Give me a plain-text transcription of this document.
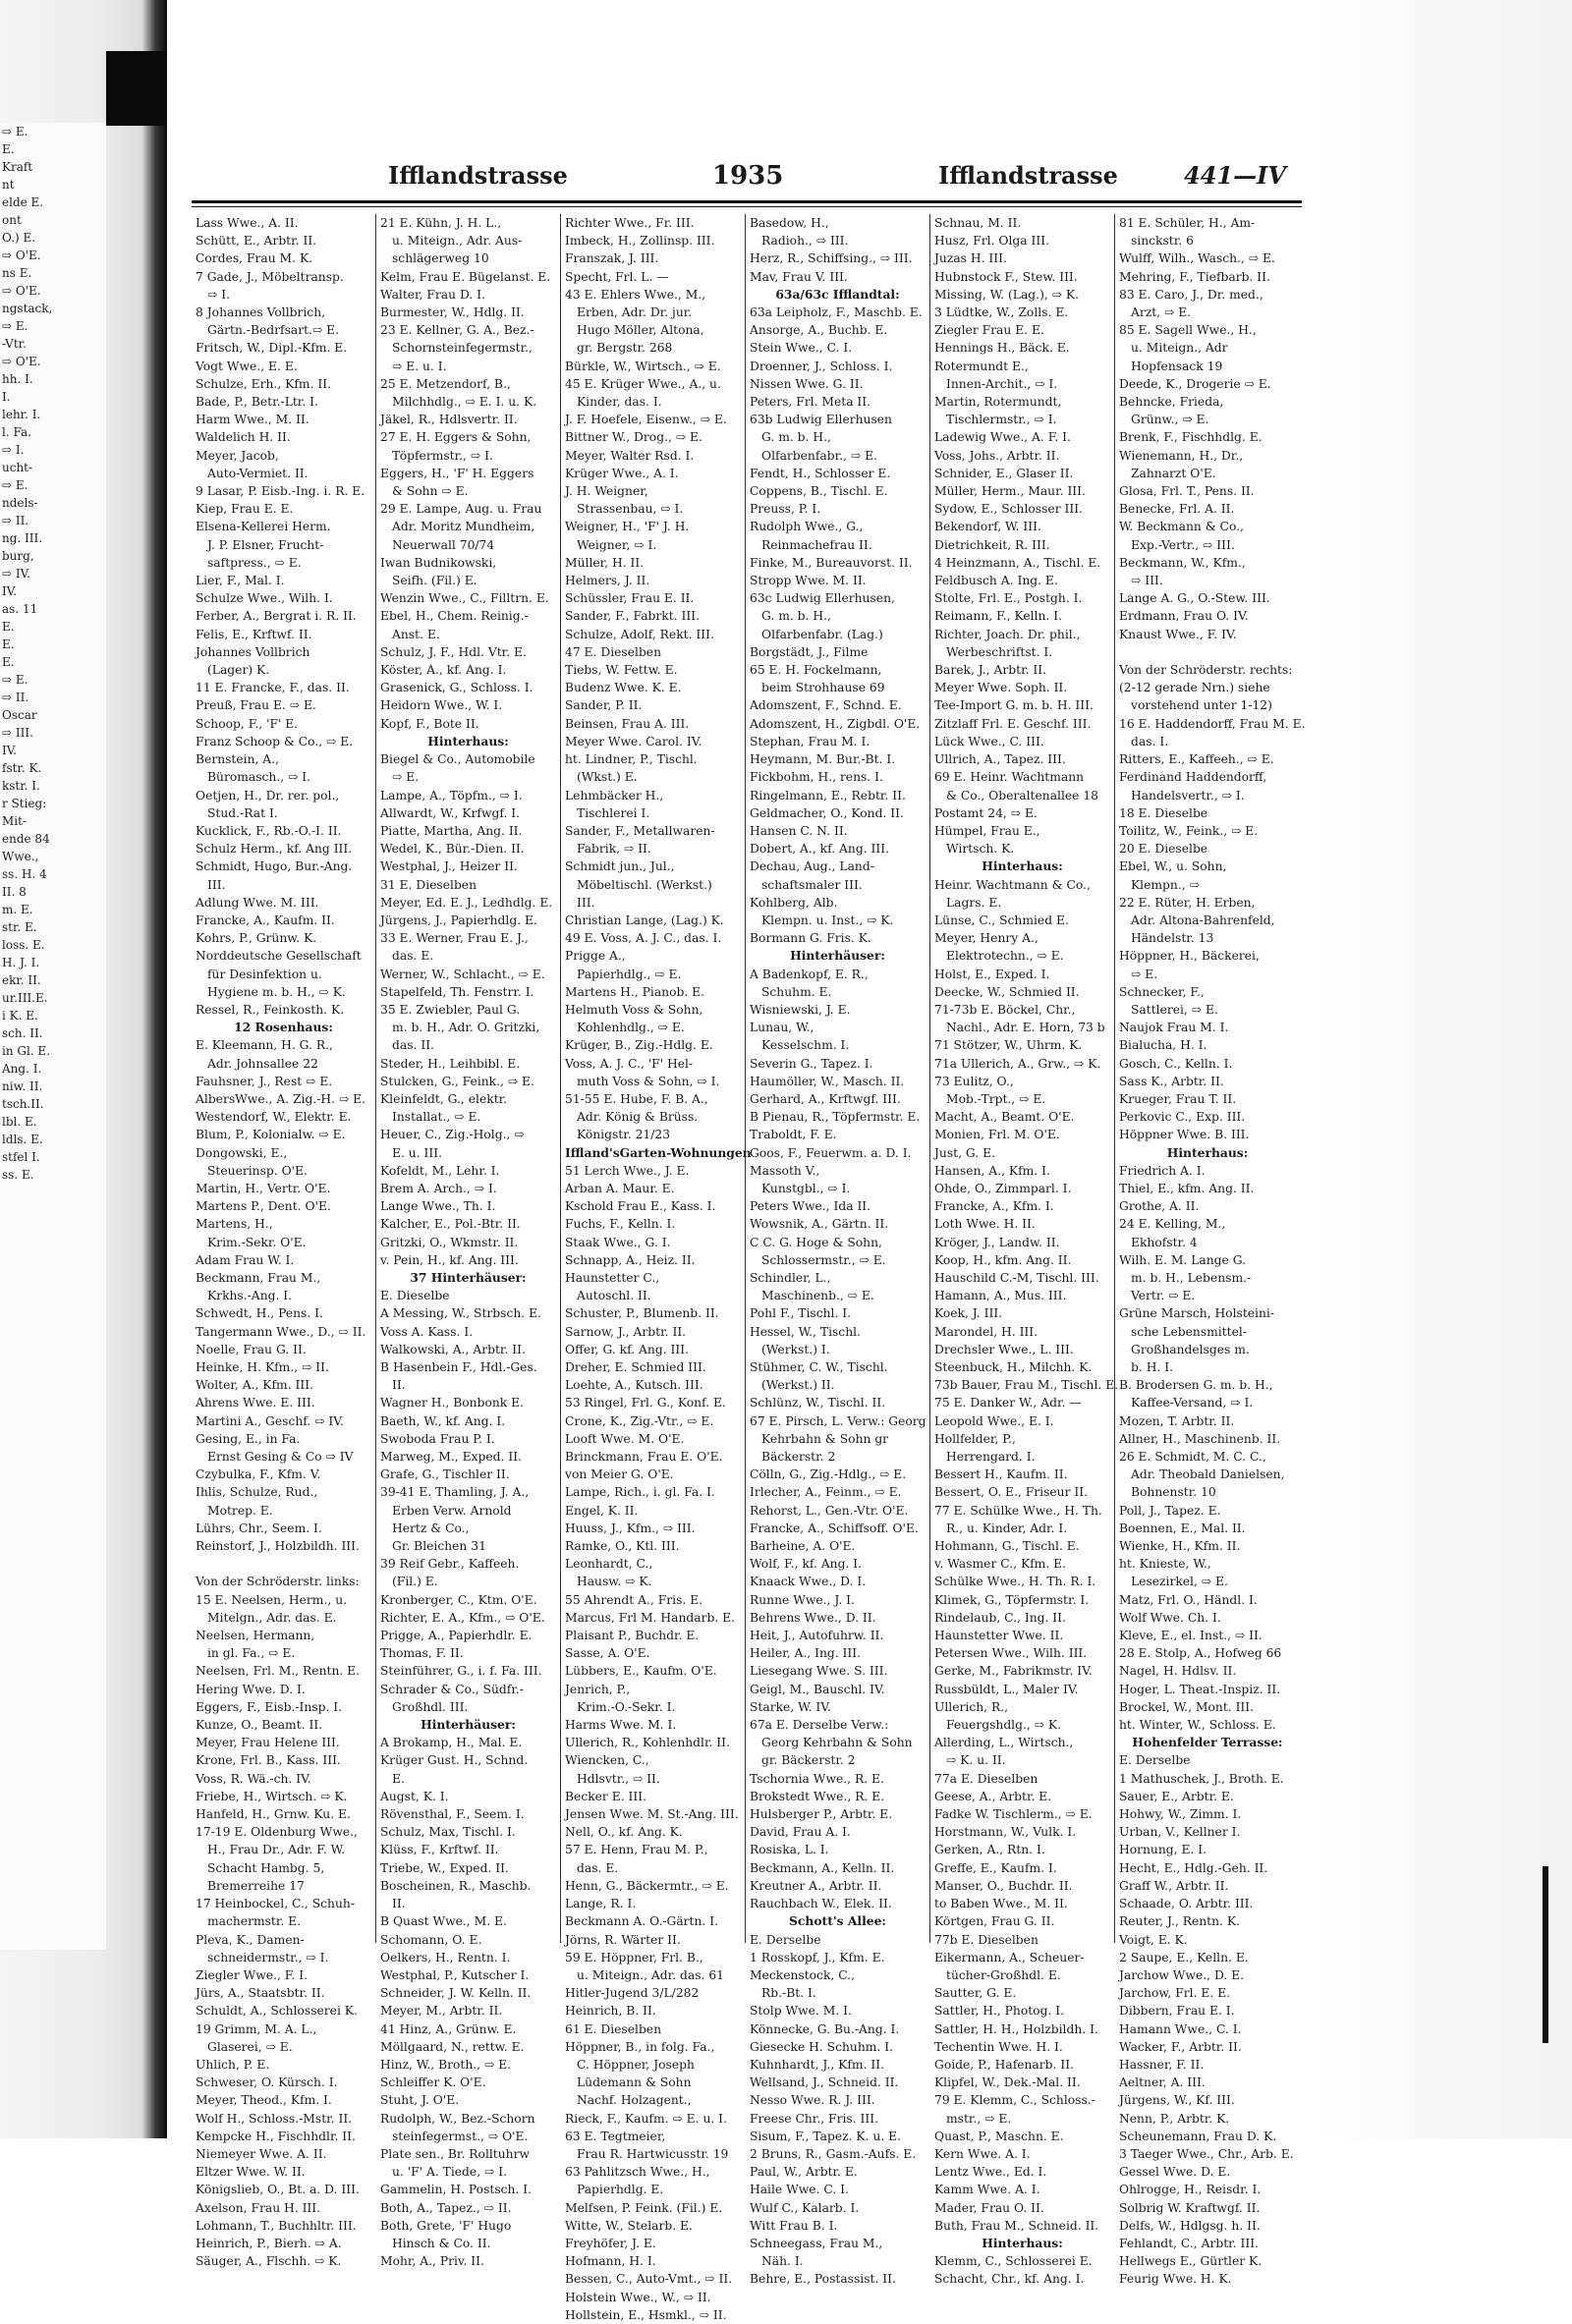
⇨ E.
E.
Kraft
nt
elde E.
ont
O.) E.
⇨ O'E.
ns E.
⇨ O'E.
ngstack,
⇨ E.
-Vtr.
⇨ O'E.
hh. I.
I.
lehr. I.
l. Fa.
⇨ I.
ucht-
⇨ E.
ndels-
⇨ II.
ng. III.
burg,
⇨ IV.
IV.
as. 11
E.
E.
E.
⇨ E.
⇨ II.
Oscar
⇨ III.
IV.
fstr. K.
kstr. I.
r Stieg:
Mit-
ende 84
Wwe.,
ss. H. 4
II. 8
m. E.
str. E.
loss. E.
H. J. I.
ekr. II.
ur.III.E.
i K. E.
sch. II.
in Gl. E.
Ang. I.
niw. II.
tsch.II.
lbl. E.
ldls. E.
stfel I.
ss. E.
Ifflandstrasse	1935	Ifflandstrasse	441—IV
Lass Wwe., A. II.
Schütt, E., Arbtr. II.
Cordes, Frau M. K.
7 Gade, J., Möbeltransp.
⇨ I.
8 Johannes Vollbrich,
Gärtn.-Bedrfsart.⇨ E.
Fritsch, W., Dipl.-Kfm. E.
Vogt Wwe., E. E.
Schulze, Erh., Kfm. II.
Bade, P., Betr.-Ltr. I.
Harm Wwe., M. II.
Waldelich H. II.
Meyer, Jacob,
Auto-Vermiet. II.
9 Lasar, P. Eisb.-Ing. i. R. E.
Kiep, Frau E. E.
Elsena-Kellerei Herm.
J. P. Elsner, Frucht-
saftpress., ⇨ E.
Lier, F., Mal. I.
Schulze Wwe., Wilh. I.
Ferber, A., Bergrat i. R. II.
Felis, E., Krftwf. II.
Johannes Vollbrich
(Lager) K.
11 E. Francke, F., das. II.
Preuß, Frau E. ⇨ E.
Schoop, F., 'F' E.
Franz Schoop & Co., ⇨ E.
Bernstein, A.,
Büromasch., ⇨ I.
Oetjen, H., Dr. rer. pol.,
Stud.-Rat I.
Kucklick, F., Rb.-O.-I. II.
Schulz Herm., kf. Ang III.
Schmidt, Hugo, Bur.-Ang.
III.
Adlung Wwe. M. III.
Francke, A., Kaufm. II.
Kohrs, P., Grünw. K.
Norddeutsche Gesellschaft
für Desinfektion u.
Hygiene m. b. H., ⇨ K.
Ressel, R., Feinkosth. K.
12 Rosenhaus:
E. Kleemann, H. G. R.,
Adr. Johnsallee 22
Fauhsner, J., Rest ⇨ E.
AlbersWwe., A. Zig.-H. ⇨ E.
Westendorf, W., Elektr. E.
Blum, P., Kolonialw. ⇨ E.
Dongowski, E.,
Steuerinsp. O'E.
Martin, H., Vertr. O'E.
Martens P., Dent. O'E.
Martens, H.,
Krim.-Sekr. O'E.
Adam Frau W. I.
Beckmann, Frau M.,
Krkhs.-Ang. I.
Schwedt, H., Pens. I.
Tangermann Wwe., D., ⇨ II.
Noelle, Frau G. II.
Heinke, H. Kfm., ⇨ II.
Wolter, A., Kfm. III.
Ahrens Wwe. E. III.
Martini A., Geschf. ⇨ IV.
Gesing, E., in Fa.
Ernst Gesing & Co ⇨ IV
Czybulka, F., Kfm. V.
Ihlis, Schulze, Rud.,
Motrep. E.
Lührs, Chr., Seem. I.
Reinstorf, J., Holzbildh. III.

Von der Schröderstr. links:
15 E. Neelsen, Herm., u.
Mitelgn., Adr. das. E.
Neelsen, Hermann,
in gl. Fa., ⇨ E.
Neelsen, Frl. M., Rentn. E.
Hering Wwe. D. I.
Eggers, F., Eisb.-Insp. I.
Kunze, O., Beamt. II.
Meyer, Frau Helene III.
Krone, Frl. B., Kass. III.
Voss, R. Wä.-ch. IV.
Friebe, H., Wirtsch. ⇨ K.
Hanfeld, H., Grnw. Ku. E.
17-19 E. Oldenburg Wwe.,
H., Frau Dr., Adr. F. W.
Schacht Hambg. 5,
Bremerreihe 17
17 Heinbockel, C., Schuh-
machermstr. E.
Pleva, K., Damen-
schneidermstr., ⇨ I.
Ziegler Wwe., F. I.
Jürs, A., Staatsbtr. II.
Schuldt, A., Schlosserei K.
19 Grimm, M. A. L.,
Glaserei, ⇨ E.
Uhlich, P. E.
Schweser, O. Kürsch. I.
Meyer, Theod., Kfm. I.
Wolf H., Schloss.-Mstr. II.
Kempcke H., Fischhdlr. II.
Niemeyer Wwe. A. II.
Eltzer Wwe. W. II.
Königslieb, O., Bt. a. D. III.
Axelson, Frau H. III.
Lohmann, T., Buchhltr. III.
Heinrich, P., Bierh. ⇨ A.
Säuger, A., Flschh. ⇨ K.
21 E. Kühn, J. H. L.,
u. Miteign., Adr. Aus-
schlägerweg 10
Kelm, Frau E. Bügelanst. E.
Walter, Frau D. I.
Burmester, W., Hdlg. II.
23 E. Kellner, G. A., Bez.-
Schornsteinfegermstr.,
⇨ E. u. I.
25 E. Metzendorf, B.,
Milchhdlg., ⇨ E. I. u. K.
Jäkel, R., Hdlsvertr. II.
27 E. H. Eggers & Sohn,
Töpfermstr., ⇨ I.
Eggers, H., 'F' H. Eggers
& Sohn ⇨ E.
29 E. Lampe, Aug. u. Frau
Adr. Moritz Mundheim,
Neuerwall 70/74
Iwan Budnikowski,
Seifh. (Fil.) E.
Wenzin Wwe., C., Filltrn. E.
Ebel, H., Chem. Reinig.-
Anst. E.
Schulz, J. F., Hdl. Vtr. E.
Köster, A., kf. Ang. I.
Grasenick, G., Schloss. I.
Heidorn Wwe., W. I.
Kopf, F., Bote II.
Hinterhaus:
Biegel & Co., Automobile
⇨ E.
Lampe, A., Töpfm., ⇨ I.
Allwardt, W., Krfwgf. I.
Piatte, Martha, Ang. II.
Wedel, K., Bür.-Dien. II.
Westphal, J., Heizer II.
31 E. Dieselben
Meyer, Ed. E. J., Ledhdlg. E.
Jürgens, J., Papierhdlg. E.
33 E. Werner, Frau E. J.,
das. E.
Werner, W., Schlacht., ⇨ E.
Stapelfeld, Th. Fenstrr. I.
35 E. Zwiebler, Paul G.
m. b. H., Adr. O. Gritzki,
das. II.
Steder, H., Leihbibl. E.
Stulcken, G., Feink., ⇨ E.
Kleinfeldt, G., elektr.
Installat., ⇨ E.
Heuer, C., Zig.-Holg., ⇨
E. u. III.
Kofeldt, M., Lehr. I.
Brem A. Arch., ⇨ I.
Lange Wwe., Th. I.
Kalcher, E., Pol.-Btr. II.
Gritzki, O., Wkmstr. II.
v. Pein, H., kf. Ang. III.
37 Hinterhäuser:
E. Dieselbe
A Messing, W., Strbsch. E.
Voss A. Kass. I.
Walkowski, A., Arbtr. II.
B Hasenbein F., Hdl.-Ges.
II.
Wagner H., Bonbonk E.
Baeth, W., kf. Ang. I.
Swoboda Frau P. I.
Marweg, M., Exped. II.
Grafe, G., Tischler II.
39-41 E. Thamling, J. A.,
Erben Verw. Arnold
Hertz & Co.,
Gr. Bleichen 31
39 Reif Gebr., Kaffeeh.
(Fil.) E.
Kronberger, C., Ktm. O'E.
Richter, E. A., Kfm., ⇨ O'E.
Prigge, A., Papierhdlr. E.
Thomas, F. II.
Steinführer, G., i. f. Fa. III.
Schrader & Co., Südfr.-
Großhdl. III.
Hinterhäuser:
A Brokamp, H., Mal. E.
Krüger Gust. H., Schnd.
E.
Augst, K. I.
Rövensthal, F., Seem. I.
Schulz, Max, Tischl. I.
Klüss, F., Krftwf. II.
Triebe, W., Exped. II.
Boscheinen, R., Maschb.
II.
B Quast Wwe., M. E.
Schomann, O. E.
Oelkers, H., Rentn. I.
Westphal, P., Kutscher I.
Schneider, J. W. Kelln. II.
Meyer, M., Arbtr. II.
41 Hinz, A., Grünw. E.
Möllgaard, N., rettw. E.
Hinz, W., Broth., ⇨ E.
Schleiffer K. O'E.
Stuht, J. O'E.
Rudolph, W., Bez.-Schorn
steinfegermst., ⇨ O'E.
Plate sen., Br. Rolltuhrw
u. 'F' A. Tiede, ⇨ I.
Gammelin, H. Postsch. I.
Both, A., Tapez., ⇨ II.
Both, Grete, 'F' Hugo
Hinsch & Co. II.
Mohr, A., Priv. II.
Richter Wwe., Fr. III.
Imbeck, H., Zollinsp. III.
Franszak, J. III.
Specht, Frl. L. —
43 E. Ehlers Wwe., M.,
Erben, Adr. Dr. jur.
Hugo Möller, Altona,
gr. Bergstr. 268
Bürkle, W., Wirtsch., ⇨ E.
45 E. Krüger Wwe., A., u.
Kinder, das. I.
J. F. Hoefele, Eisenw., ⇨ E.
Bittner W., Drog., ⇨ E.
Meyer, Walter Rsd. I.
Krüger Wwe., A. I.
J. H. Weigner,
Strassenbau, ⇨ I.
Weigner, H., 'F' J. H.
Weigner, ⇨ I.
Müller, H. II.
Helmers, J. II.
Schüssler, Frau E. II.
Sander, F., Fabrkt. III.
Schulze, Adolf, Rekt. III.
47 E. Dieselben
Tiebs, W. Fettw. E.
Budenz Wwe. K. E.
Sander, P. II.
Beinsen, Frau A. III.
Meyer Wwe. Carol. IV.
ht. Lindner, P., Tischl.
(Wkst.) E.
Lehmbäcker H.,
Tischlerei I.
Sander, F., Metallwaren-
Fabrik, ⇨ II.
Schmidt jun., Jul.,
Möbeltischl. (Werkst.)
III.
Christian Lange, (Lag.) K.
49 E. Voss, A. J. C., das. I.
Prigge A.,
Papierhdlg., ⇨ E.
Martens H., Pianob. E.
Helmuth Voss & Sohn,
Kohlenhdlg., ⇨ E.
Krüger, B., Zig.-Hdlg. E.
Voss, A. J. C., 'F' Hel-
muth Voss & Sohn, ⇨ I.
51-55 E. Hube, F. B. A.,
Adr. König & Brüss.
Königstr. 21/23
Iffland'sGarten-Wohnungen
51 Lerch Wwe., J. E.
Arban A. Maur. E.
Kschold Frau E., Kass. I.
Fuchs, F., Kelln. I.
Staak Wwe., G. I.
Schnapp, A., Heiz. II.
Haunstetter C.,
Autoschl. II.
Schuster, P., Blumenb. II.
Sarnow, J., Arbtr. II.
Offer, G. kf. Ang. III.
Dreher, E. Schmied III.
Loehte, A., Kutsch. III.
53 Ringel, Frl. G., Konf. E.
Crone, K., Zig.-Vtr., ⇨ E.
Looft Wwe. M. O'E.
Brinckmann, Frau E. O'E.
von Meier G. O'E.
Lampe, Rich., i. gl. Fa. I.
Engel, K. II.
Huuss, J., Kfm., ⇨ III.
Ramke, O., Ktl. III.
Leonhardt, C.,
Hausw. ⇨ K.
55 Ahrendt A., Fris. E.
Marcus, Frl M. Handarb. E.
Plaisant P., Buchdr. E.
Sasse, A. O'E.
Lübbers, E., Kaufm. O'E.
Jenrich, P.,
Krim.-O.-Sekr. I.
Harms Wwe. M. I.
Ullerich, R., Kohlenhdlr. II.
Wiencken, C.,
Hdlsvtr., ⇨ II.
Becker E. III.
Jensen Wwe. M. St.-Ang. III.
Nell, O., kf. Ang. K.
57 E. Henn, Frau M. P.,
das. E.
Henn, G., Bäckermtr., ⇨ E.
Lange, R. I.
Beckmann A. O.-Gärtn. I.
Jörns, R. Wärter II.
59 E. Höppner, Frl. B.,
u. Miteign., Adr. das. 61
Hitler-Jugend 3/L/282
Heinrich, B. II.
61 E. Dieselben
Höppner, B., in folg. Fa.,
C. Höppner, Joseph
Lüdemann & Sohn
Nachf. Holzagent.,
Rieck, F., Kaufm. ⇨ E. u. I.
63 E. Tegtmeier,
Frau R. Hartwicusstr. 19
63 Pahlitzsch Wwe., H.,
Papierhdlg. E.
Melfsen, P. Feink. (Fil.) E.
Witte, W., Stelarb. E.
Freyhöfer, J. E.
Hofmann, H. I.
Bessen, C., Auto-Vmt., ⇨ II.
Holstein Wwe., W., ⇨ II.
Hollstein, E., Hsmkl., ⇨ II.
Basedow, H.,
Radioh., ⇨ III.
Herz, R., Schiffsing., ⇨ III.
Mav, Frau V. III.
63a/63c Ifflandtal:
63a Leipholz, F., Maschb. E.
Ansorge, A., Buchb. E.
Stein Wwe., C. I.
Droenner, J., Schloss. I.
Nissen Wwe. G. II.
Peters, Frl. Meta II.
63b Ludwig Ellerhusen
G. m. b. H.,
Olfarbenfabr., ⇨ E.
Fendt, H., Schlosser E.
Coppens, B., Tischl. E.
Preuss, P. I.
Rudolph Wwe., G.,
Reinmachefrau II.
Finke, M., Bureauvorst. II.
Stropp Wwe. M. II.
63c Ludwig Ellerhusen,
G. m. b. H.,
Olfarbenfabr. (Lag.)
Borgstädt, J., Filme
65 E. H. Fockelmann,
beim Strohhause 69
Adomszent, F., Schnd. E.
Adomszent, H., Zigbdl. O'E.
Stephan, Frau M. I.
Heymann, M. Bur.-Bt. I.
Fickbohm, H., rens. I.
Ringelmann, E., Rebtr. II.
Geldmacher, O., Kond. II.
Hansen C. N. II.
Dobert, A., kf. Ang. III.
Dechau, Aug., Land-
schaftsmaler III.
Kohlberg, Alb.
Klempn. u. Inst., ⇨ K.
Bormann G. Fris. K.
Hinterhäuser:
A Badenkopf, E. R.,
Schuhm. E.
Wisniewski, J. E.
Lunau, W.,
Kesselschm. I.
Severin G., Tapez. I.
Haumöller, W., Masch. II.
Gerhard, A., Krftwgf. III.
B Pienau, R., Töpfermstr. E.
Traboldt, F. E.
Goos, F., Feuerwm. a. D. I.
Massoth V.,
Kunstgbl., ⇨ I.
Peters Wwe., Ida II.
Wowsnik, A., Gärtn. II.
C C. G. Hoge & Sohn,
Schlossermstr., ⇨ E.
Schindler, L.,
Maschinenb., ⇨ E.
Pohl F., Tischl. I.
Hessel, W., Tischl.
(Werkst.) I.
Stühmer, C. W., Tischl.
(Werkst.) II.
Schlünz, W., Tischl. II.
67 E. Pirsch, L. Verw.: Georg
Kehrbahn & Sohn gr
Bäckerstr. 2
Cölln, G., Zig.-Hdlg., ⇨ E.
Irlecher, A., Feinm., ⇨ E.
Rehorst, L., Gen.-Vtr. O'E.
Francke, A., Schiffsoff. O'E.
Barheine, A. O'E.
Wolf, F., kf. Ang. I.
Knaack Wwe., D. I.
Runne Wwe., J. I.
Behrens Wwe., D. II.
Heit, J., Autofuhrw. II.
Heiler, A., Ing. III.
Liesegang Wwe. S. III.
Geigl, M., Bauschl. IV.
Starke, W. IV.
67a E. Derselbe Verw.:
Georg Kehrbahn & Sohn
gr. Bäckerstr. 2
Tschornia Wwe., R. E.
Brokstedt Wwe., R. E.
Hulsberger P., Arbtr. E.
David, Frau A. I.
Rosiska, L. I.
Beckmann, A., Kelln. II.
Kreutner A., Arbtr. II.
Rauchbach W., Elek. II.
Schott's Allee:
E. Derselbe
1 Rosskopf, J., Kfm. E.
Meckenstock, C.,
Rb.-Bt. I.
Stolp Wwe. M. I.
Könnecke, G. Bu.-Ang. I.
Giesecke H. Schuhm. I.
Kuhnhardt, J., Kfm. II.
Wellsand, J., Schneid. II.
Nesso Wwe. R. J. III.
Freese Chr., Fris. III.
Sisum, F., Tapez. K. u. E.
2 Bruns, R., Gasm.-Aufs. E.
Paul, W., Arbtr. E.
Haile Wwe. C. I.
Wulf C., Kalarb. I.
Witt Frau B. I.
Schneegass, Frau M.,
Näh. I.
Behre, E., Postassist. II.
Schnau, M. II.
Husz, Frl. Olga III.
Juzas H. III.
Hubnstock F., Stew. III.
Missing, W. (Lag.), ⇨ K.
3 Lüdtke, W., Zolls. E.
Ziegler Frau E. E.
Hennings H., Bäck. E.
Rotermundt E.,
Innen-Archit., ⇨ I.
Martin, Rotermundt,
Tischlermstr., ⇨ I.
Ladewig Wwe., A. F. I.
Voss, Johs., Arbtr. II.
Schnider, E., Glaser II.
Müller, Herm., Maur. III.
Sydow, E., Schlosser III.
Bekendorf, W. III.
Dietrichkeit, R. III.
4 Heinzmann, A., Tischl. E.
Feldbusch A. Ing. E.
Stolte, Frl. E., Postgh. I.
Reimann, F., Kelln. I.
Richter, Joach. Dr. phil.,
Werbeschriftst. I.
Barek, J., Arbtr. II.
Meyer Wwe. Soph. II.
Tee-Import G. m. b. H. III.
Zitzlaff Frl. E. Geschf. III.
Lück Wwe., C. III.
Ullrich, A., Tapez. III.
69 E. Heinr. Wachtmann
& Co., Oberaltenallee 18
Postamt 24, ⇨ E.
Hümpel, Frau E.,
Wirtsch. K.
Hinterhaus:
Heinr. Wachtmann & Co.,
Lagrs. E.
Lünse, C., Schmied E.
Meyer, Henry A.,
Elektrotechn., ⇨ E.
Holst, E., Exped. I.
Deecke, W., Schmied II.
71-73b E. Böckel, Chr.,
Nachl., Adr. E. Horn, 73 b
71 Stötzer, W., Uhrm. K.
71a Ullerich, A., Grw., ⇨ K.
73 Eulitz, O.,
Mob.-Trpt., ⇨ E.
Macht, A., Beamt. O'E.
Monien, Frl. M. O'E.
Just, G. E.
Hansen, A., Kfm. I.
Ohde, O., Zimmparl. I.
Francke, A., Kfm. I.
Loth Wwe. H. II.
Kröger, J., Landw. II.
Koop, H., kfm. Ang. II.
Hauschild C.-M, Tischl. III.
Hamann, A., Mus. III.
Koek, J. III.
Marondel, H. III.
Drechsler Wwe., L. III.
Steenbuck, H., Milchh. K.
73b Bauer, Frau M., Tischl. E.
75 E. Danker W., Adr. —
Leopold Wwe., E. I.
Hollfelder, P.,
Herrengard. I.
Bessert H., Kaufm. II.
Bessert, O. E., Friseur II.
77 E. Schülke Wwe., H. Th.
R., u. Kinder, Adr. I.
Hohmann, G., Tischl. E.
v. Wasmer C., Kfm. E.
Schülke Wwe., H. Th. R. I.
Klimek, G., Töpfermstr. I.
Rindelaub, C., Ing. II.
Haunstetter Wwe. II.
Petersen Wwe., Wilh. III.
Gerke, M., Fabrikmstr. IV.
Russbüldt, L., Maler IV.
Ullerich, R.,
Feuergshdlg., ⇨ K.
Allerding, L., Wirtsch.,
⇨ K. u. II.
77a E. Dieselben
Geese, A., Arbtr. E.
Fadke W. Tischlerm., ⇨ E.
Horstmann, W., Vulk. I.
Gerken, A., Rtn. I.
Greffe, E., Kaufm. I.
Manser, O., Buchdr. II.
to Baben Wwe., M. II.
Körtgen, Frau G. II.
77b E. Dieselben
Eikermann, A., Scheuer-
tücher-Großhdl. E.
Sautter, G. E.
Sattler, H., Photog. I.
Sattler, H. H., Holzbildh. I.
Techentin Wwe. H. I.
Goide, P., Hafenarb. II.
Klipfel, W., Dek.-Mal. II.
79 E. Klemm, C., Schloss.-
mstr., ⇨ E.
Quast, P., Maschn. E.
Kern Wwe. A. I.
Lentz Wwe., Ed. I.
Kamm Wwe. A. I.
Mader, Frau O. II.
Buth, Frau M., Schneid. II.
Hinterhaus:
Klemm, C., Schlosserei E.
Schacht, Chr., kf. Ang. I.
81 E. Schüler, H., Am-
sinckstr. 6
Wulff, Wilh., Wasch., ⇨ E.
Mehring, F., Tiefbarb. II.
83 E. Caro, J., Dr. med.,
Arzt, ⇨ E.
85 E. Sagell Wwe., H.,
u. Miteign., Adr
Hopfensack 19
Deede, K., Drogerie ⇨ E.
Behncke, Frieda,
Grünw., ⇨ E.
Brenk, F., Fischhdlg. E.
Wienemann, H., Dr.,
Zahnarzt O'E.
Glosa, Frl. T., Pens. II.
Benecke, Frl. A. II.
W. Beckmann & Co.,
Exp.-Vertr., ⇨ III.
Beckmann, W., Kfm.,
⇨ III.
Lange A. G., O.-Stew. III.
Erdmann, Frau O. IV.
Knaust Wwe., F. IV.

Von der Schröderstr. rechts:
(2-12 gerade Nrn.) siehe
vorstehend unter 1-12)
16 E. Haddendorff, Frau M. E.
das. I.
Ritters, E., Kaffeeh., ⇨ E.
Ferdinand Haddendorff,
Handelsvertr., ⇨ I.
18 E. Dieselbe
Toilitz, W., Feink., ⇨ E.
20 E. Dieselbe
Ebel, W., u. Sohn,
Klempn., ⇨
22 E. Rüter, H. Erben,
Adr. Altona-Bahrenfeld,
Händelstr. 13
Höppner, H., Bäckerei,
⇨ E.
Schnecker, F.,
Sattlerei, ⇨ E.
Naujok Frau M. I.
Bialucha, H. I.
Gosch, C., Kelln. I.
Sass K., Arbtr. II.
Krueger, Frau T. II.
Perkovic C., Exp. III.
Höppner Wwe. B. III.
Hinterhaus:
Friedrich A. I.
Thiel, E., kfm. Ang. II.
Grothe, A. II.
24 E. Kelling, M.,
Ekhofstr. 4
Wilh. E. M. Lange G.
m. b. H., Lebensm.-
Vertr. ⇨ E.
Grüne Marsch, Holsteini-
sche Lebensmittel-
Großhandelsges m.
b. H. I.
B. Brodersen G. m. b. H.,
Kaffee-Versand, ⇨ I.
Mozen, T. Arbtr. II.
Allner, H., Maschinenb. II.
26 E. Schmidt, M. C. C.,
Adr. Theobald Danielsen,
Bohnenstr. 10
Poll, J., Tapez. E.
Boennen, E., Mal. II.
Wienke, H., Kfm. II.
ht. Knieste, W.,
Lesezirkel, ⇨ E.
Matz, Frl. O., Händl. I.
Wolf Wwe. Ch. I.
Kleve, E., el. Inst., ⇨ II.
28 E. Stolp, A., Hofweg 66
Nagel, H. Hdlsv. II.
Hoger, L. Theat.-Inspiz. II.
Brockel, W., Mont. III.
ht. Winter, W., Schloss. E.
Hohenfelder Terrasse:
E. Derselbe
1 Mathuschek, J., Broth. E.
Sauer, E., Arbtr. E.
Hohwy, W., Zimm. I.
Urban, V., Kellner I.
Hornung, E. I.
Hecht, E., Hdlg.-Geh. II.
Graff W., Arbtr. II.
Schaade, O. Arbtr. III.
Reuter, J., Rentn. K.
Voigt, E. K.
2 Saupe, E., Kelln. E.
Jarchow Wwe., D. E.
Jarchow, Frl. E. E.
Dibbern, Frau E. I.
Hamann Wwe., C. I.
Wacker, F., Arbtr. II.
Hassner, F. II.
Aeltner, A. III.
Jürgens, W., Kf. III.
Nenn, P., Arbtr. K.
Scheunemann, Frau D. K.
3 Taeger Wwe., Chr., Arb. E.
Gessel Wwe. D. E.
Ohlrogge, H., Reisdr. I.
Solbrig W. Kraftwgf. II.
Delfs, W., Hdlgsg. h. II.
Fehlandt, C., Arbtr. III.
Hellwegs E., Gürtler K.
Feurig Wwe. H. K.
